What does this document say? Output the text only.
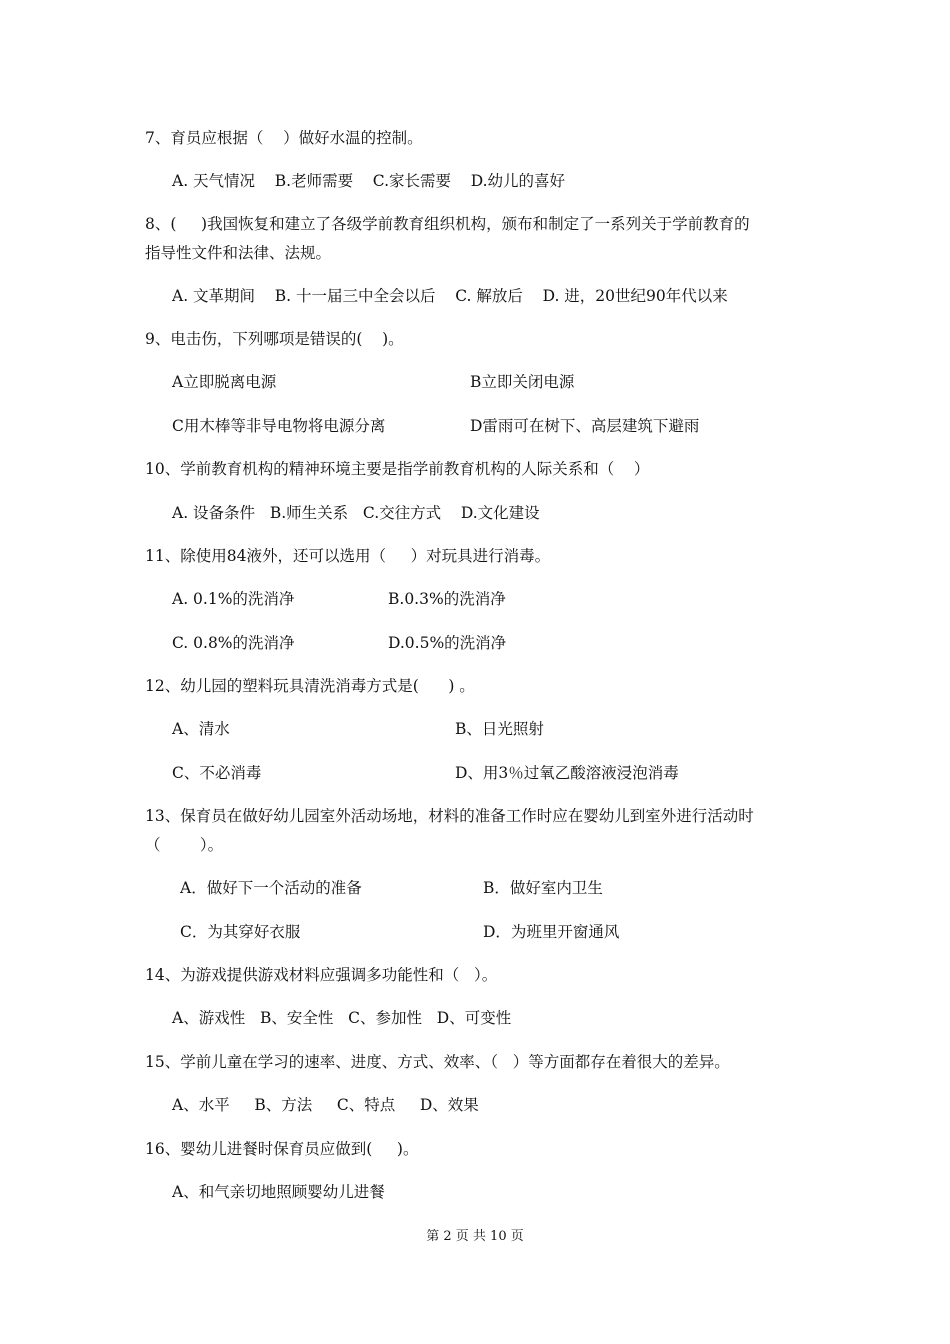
7、育员应根据（    ）做好水温的控制。
A. 天气情况    B.老师需要    C.家长需要    D.幼儿的喜好
8、(     )我国恢复和建立了各级学前教育组织机构，颁布和制定了一系列关于学前教育的
指导性文件和法律、法规。
A. 文革期间    B. 十一届三中全会以后    C. 解放后    D. 进，20世纪90年代以来
9、电击伤，下列哪项是错误的(    )。
A立即脱离电源	B立即关闭电源
C用木棒等非导电物将电源分离	D雷雨可在树下、高层建筑下避雨
10、学前教育机构的精神环境主要是指学前教育机构的人际关系和（    ）
A. 设备条件   B.师生关系   C.交往方式    D.文化建设
11、除使用84液外，还可以选用（     ）对玩具进行消毒。
A. 0.1%的洗消净	B.0.3%的洗消净
C. 0.8%的洗消净	D.0.5%的洗消净
12、幼儿园的塑料玩具清洗消毒方式是(      ) 。
A、清水	B、日光照射
C、不必消毒	D、用3％过氧乙酸溶液浸泡消毒
13、保育员在做好幼儿园室外活动场地，材料的准备工作时应在婴幼儿到室外进行活动时
（        ）。
A．做好下一个活动的准备	B．做好室内卫生
C．为其穿好衣服	D．为班里开窗通风
14、为游戏提供游戏材料应强调多功能性和（   ）。
A、游戏性   B、安全性   C、参加性   D、可变性
15、学前儿童在学习的速率、进度、方式、效率、（   ）等方面都存在着很大的差异。
A、水平     B、方法     C、特点     D、效果
16、婴幼儿进餐时保育员应做到(     )。
A、和气亲切地照顾婴幼儿进餐
第 2 页 共 10 页
